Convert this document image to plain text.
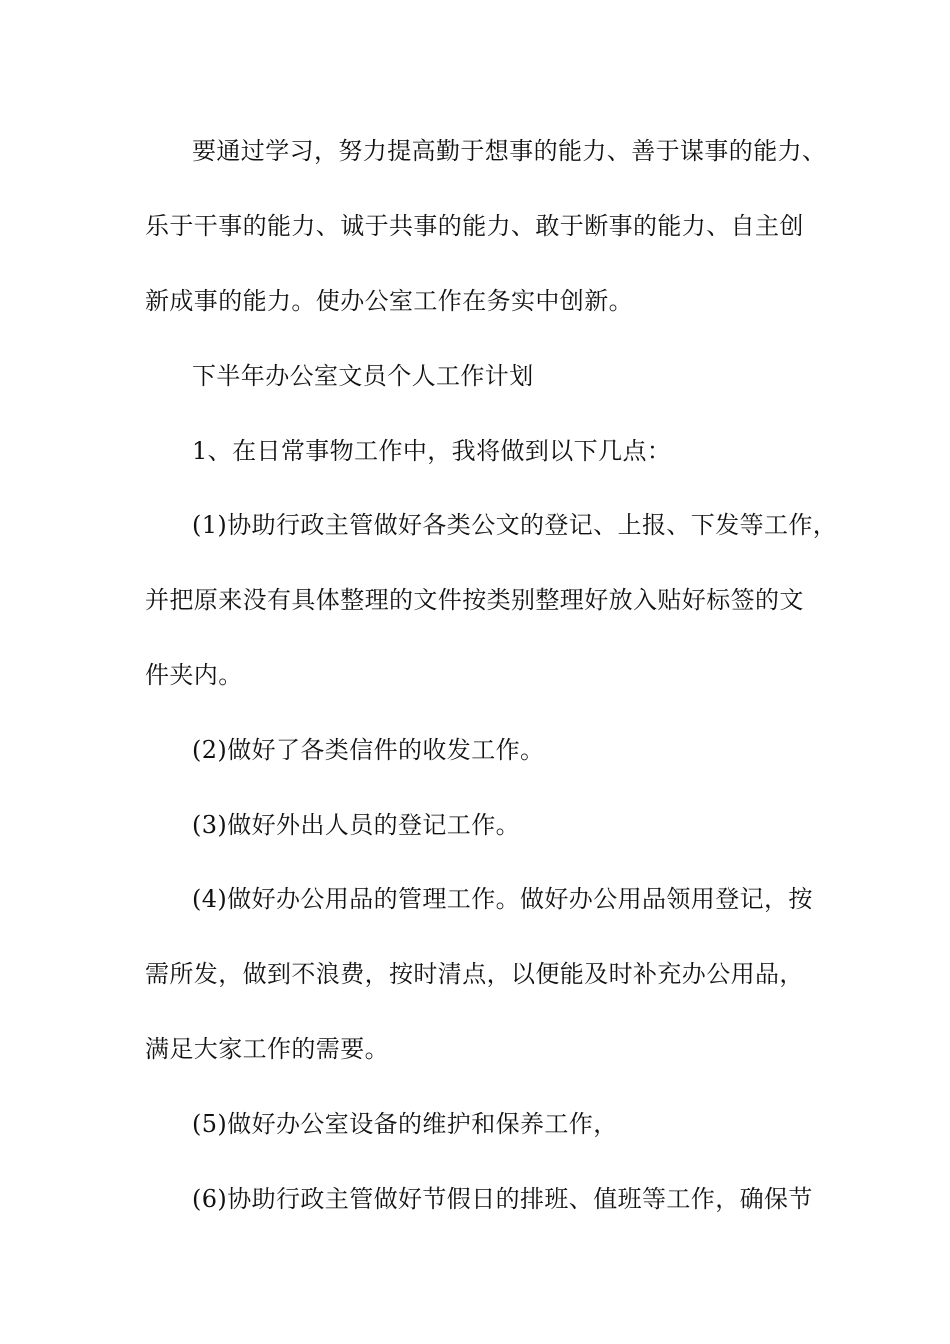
要通过学习，努力提高勤于想事的能力、善于谋事的能力、
乐于干事的能力、诚于共事的能力、敢于断事的能力、自主创
新成事的能力。使办公室工作在务实中创新。
下半年办公室文员个人工作计划
1、在日常事物工作中，我将做到以下几点：
(1)协助行政主管做好各类公文的登记、上报、下发等工作，
并把原来没有具体整理的文件按类别整理好放入贴好标签的文
件夹内。
(2)做好了各类信件的收发工作。
(3)做好外出人员的登记工作。
(4)做好办公用品的管理工作。做好办公用品领用登记，按
需所发，做到不浪费，按时清点，以便能及时补充办公用品，
满足大家工作的需要。
(5)做好办公室设备的维护和保养工作，
(6)协助行政主管做好节假日的排班、值班等工作，确保节
